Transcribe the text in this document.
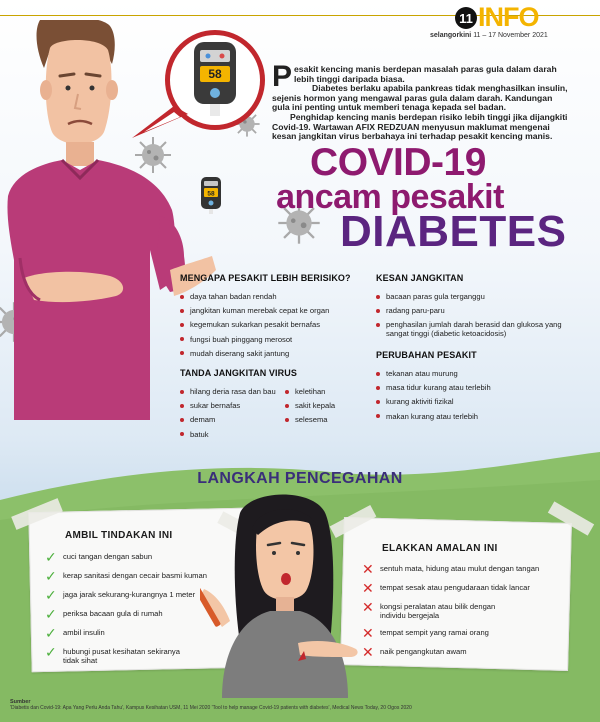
58
58
11 INFO
selangorkini 11 – 17 November 2021

Pesakit kencing manis berdepan masalah paras gula dalam darah lebih tinggi daripada biasa.

Diabetes berlaku apabila pankreas tidak menghasilkan insulin, sejenis hormon yang mengawal paras gula dalam darah. Kandungan gula ini penting untuk memberi tenaga kepada sel badan.

Penghidap kencing manis berdepan risiko lebih tinggi jika dijangkiti Covid-19. Wartawan AFIX REDZUAN menyusun maklumat mengenai kesan jangkitan virus berbahaya ini terhadap pesakit kencing manis.

COVID-19
ancam pesakit
DIABETES
MENGAPA PESAKIT LEBIH BERISIKO?
daya tahan badan rendah
jangkitan kuman merebak cepat ke organ
kegemukan sukarkan pesakit bernafas
fungsi buah pinggang merosot
mudah diserang sakit jantung
TANDA JANGKITAN VIRUS
hilang deria rasa dan bau
sukar bernafas
demam
batuk
keletihan
sakit kepala
selesema
KESAN JANGKITAN
bacaan paras gula terganggu
radang paru-paru
penghasilan jumlah darah berasid dan glukosa yang sangat tinggi (diabetic ketoacidosis)
PERUBAHAN PESAKIT
tekanan atau murung
masa tidur kurang atau terlebih
kurang aktiviti fizikal
makan kurang atau terlebih
LANGKAH PENCEGAHAN
AMBIL TINDAKAN INI
✓ cuci tangan dengan sabun
✓ kerap sanitasi dengan cecair basmi kuman
✓ jaga jarak sekurang-kurangnya 1 meter
✓ periksa bacaan gula di rumah
✓ ambil insulin
✓ hubungi pusat kesihatan sekiranya tidak sihat
ELAKKAN AMALAN INI
✕ sentuh mata, hidung atau mulut dengan tangan
✕ tempat sesak atau pengudaraan tidak lancar
✕ kongsi peralatan atau bilik dengan individu bergejala
✕ tempat sempit yang ramai orang
✕ naik pengangkutan awam
Sumber
'Diabetis dan Covid-19: Apa Yang Perlu Anda Tahu', Kampus Kesihatan USM, 11 Mei 2020 'Tool to help manage Covid-19 patients with diabetes', Medical News Today, 20 Ogos 2020
